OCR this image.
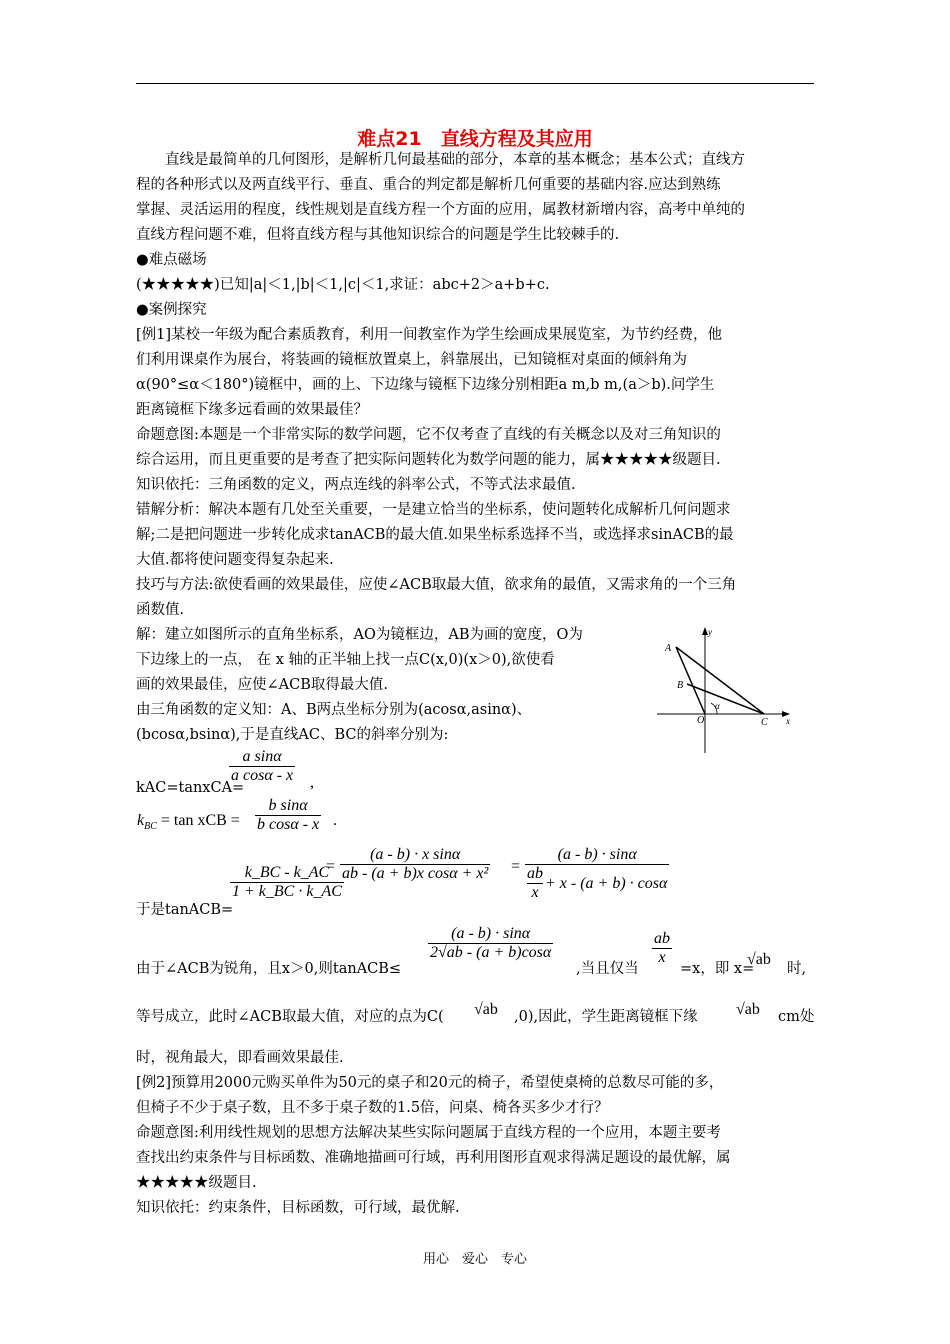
难点21　直线方程及其应用
　　直线是最简单的几何图形，是解析几何最基础的部分，本章的基本概念；基本公式；直线方
程的各种形式以及两直线平行、垂直、重合的判定都是解析几何重要的基础内容.应达到熟练
掌握、灵活运用的程度，线性规划是直线方程一个方面的应用，属教材新增内容，高考中单纯的
直线方程问题不难，但将直线方程与其他知识综合的问题是学生比较棘手的.
●难点磁场
(★★★★★)已知|a|＜1,|b|＜1,|c|＜1,求证：abc+2＞a+b+c.
●案例探究
[例1]某校一年级为配合素质教育，利用一间教室作为学生绘画成果展览室，为节约经费，他
们利用课桌作为展台，将装画的镜框放置桌上，斜靠展出，已知镜框对桌面的倾斜角为
α(90°≤α＜180°)镜框中，画的上、下边缘与镜框下边缘分别相距a m,b m,(a＞b).问学生
距离镜框下缘多远看画的效果最佳？
命题意图:本题是一个非常实际的数学问题，它不仅考查了直线的有关概念以及对三角知识的
综合运用，而且更重要的是考查了把实际问题转化为数学问题的能力，属★★★★★级题目.
知识依托：三角函数的定义，两点连线的斜率公式，不等式法求最值.
错解分析：解决本题有几处至关重要，一是建立恰当的坐标系，使问题转化成解析几何问题求
解;二是把问题进一步转化成求tanACB的最大值.如果坐标系选择不当，或选择求sinACB的最
大值.都将使问题变得复杂起来.
技巧与方法:欲使看画的效果最佳，应使∠ACB取最大值，欲求角的最值，又需求角的一个三角
函数值.
解：建立如图所示的直角坐标系，AO为镜框边，AB为画的宽度，O为
下边缘上的一点， 在 x 轴的正半轴上找一点C(x,0)(x＞0),欲使看
画的效果最佳，应使∠ACB取得最大值.
由三角函数的定义知：A、B两点坐标分别为(acosα,asinα)、
(bcosα,bsinα),于是直线AC、BC的斜率分别为:
kAC=tanxCA=
$\frac{\text{a sinα}}{\text{a cosα - x}}$ ,
$k_{BC} = \tan$ xCB = $\frac{\text{b sinα}}{\text{b cosα - x}}$ .
于是tanACB=
$\frac{k\_BC - k\_AC}{1 + k\_BC \cdot k\_AC}$
= $\frac{\text{(a - b) · x sinα}}{\text{ab - (a + b)x cosα + x²}} = (a - b) \cdot \sin\alpha$
ab
x
+ x - (a + b) · cosα
由于∠ACB为锐角，且x＞0,则tanACB≤
$\frac{(a - b) \cdot \sin\alpha}{2√ab - (a + b)\cos\alpha}$
,当且仅当
$\frac{ab}{x}$
=x，即 x=
√ab
时,
等号成立，此时∠ACB取最大值，对应的点为C( √ab ,0),因此，学生距离镜框下缘 √ab cm处
时，视角最大，即看画效果最佳.
[例2]预算用2000元购买单件为50元的桌子和20元的椅子，希望使桌椅的总数尽可能的多，
但椅子不少于桌子数，且不多于桌子数的1.5倍，问桌、椅各买多少才行？
命题意图:利用线性规划的思想方法解决某些实际问题属于直线方程的一个应用，本题主要考
查找出约束条件与目标函数、准确地描画可行域，再利用图形直观求得满足题设的最优解，属
★★★★★级题目.
知识依托：约束条件，目标函数，可行域，最优解.
y
x
A
B
O	C
α
用心　爱心　专心
